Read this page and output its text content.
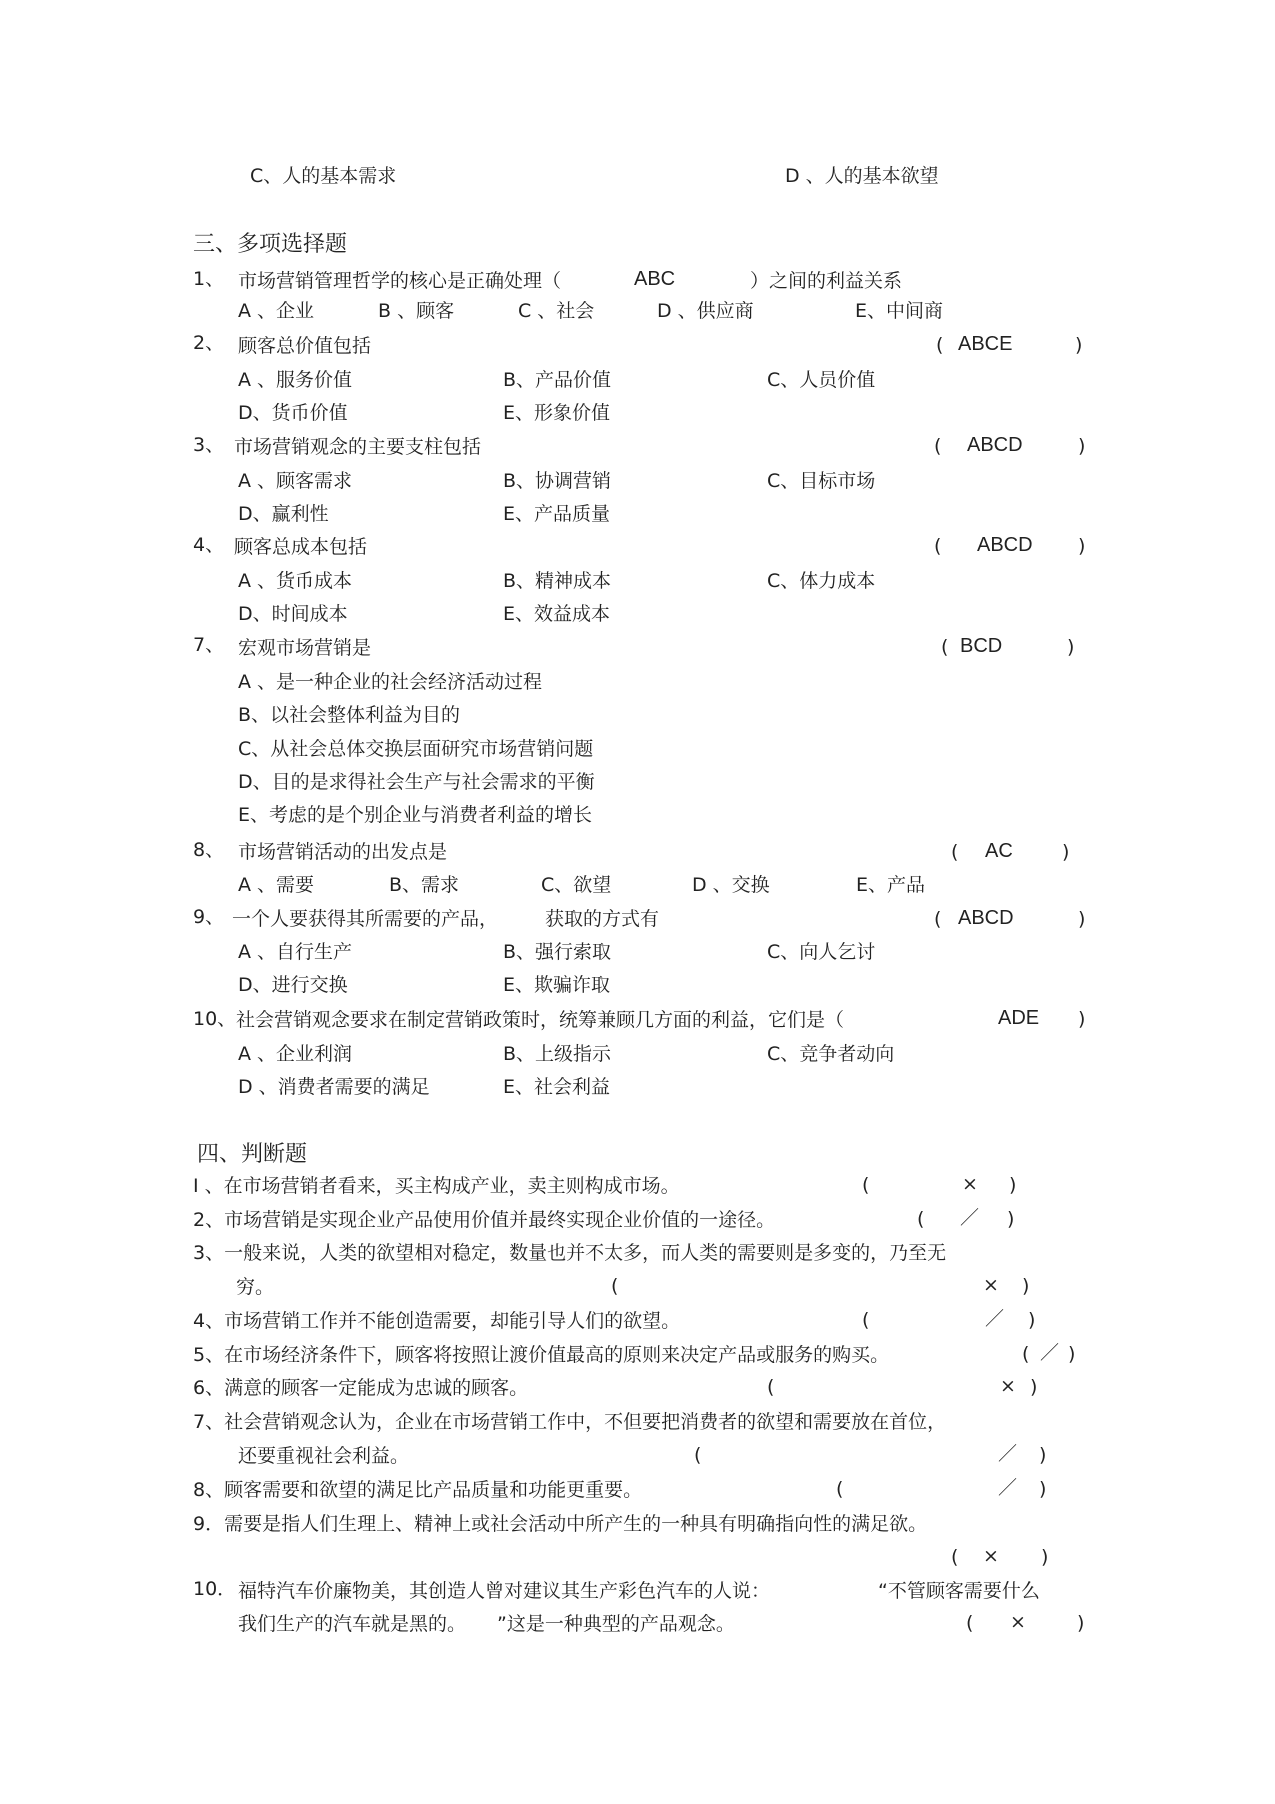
C、人的基本需求	D 、人的基本欲望
三、多项选择题
1、 市场营销管理哲学的核心是正确处理（	ABC	）之间的利益关系
A 、企业	B 、顾客	C 、社会	D 、供应商	E、中间商
2、 顾客总价值包括	( ABCE	)
A 、服务价值	B、产品价值	C、人员价值
D、货币价值	E、形象价值
3、 市场营销观念的主要支柱包括	( ABCD	)
A 、顾客需求	B、协调营销	C、目标市场
D、赢利性	E、产品质量
4、 顾客总成本包括	( ABCD )
A 、货币成本	B、精神成本	C、体力成本
D、时间成本	E、效益成本
7、 宏观市场营销是	( BCD	)
A 、是一种企业的社会经济活动过程
B、以社会整体利益为目的
C、从社会总体交换层面研究市场营销问题
D、目的是求得社会生产与社会需求的平衡
E、考虑的是个别企业与消费者利益的增长
8、 市场营销活动的出发点是	( AC	)
A 、需要	B、需求	C、欲望	D 、交换	E、产品
9、 一个人要获得其所需要的产品， 获取的方式有	( ABCD	)
A 、自行生产	B、强行索取	C、向人乞讨
D、进行交换	E、欺骗诈取
10、 社会营销观念要求在制定营销政策时，统筹兼顾几方面的利益，它们是（	ADE )
A 、企业利润	B、上级指示	C、竞争者动向
D 、消费者需要的满足	E、社会利益
四、判断题
I 、在市场营销者看来，买主构成产业，卖主则构成市场。	(	× )
2、市场营销是实现企业产品使用价值并最终实现企业价值的一途径。	( ／ )
3、一般来说，人类的欲望相对稳定，数量也并不太多，而人类的需要则是多变的，乃至无
穷。	(	× )
4、市场营销工作并不能创造需要，却能引导人们的欲望。	(	／ )
5、在市场经济条件下，顾客将按照让渡价值最高的原则来决定产品或服务的购买。	( ／ )
6、满意的顾客一定能成为忠诚的顾客。	(	× )
7、社会营销观念认为，企业在市场营销工作中，不但要把消费者的欲望和需要放在首位，
还要重视社会利益。	(	／ )
8、顾客需要和欲望的满足比产品质量和功能更重要。	(	／ )
9．需要是指人们生理上、精神上或社会活动中所产生的一种具有明确指向性的满足欲。
( × )
10． 福特汽车价廉物美，其创造人曾对建议其生产彩色汽车的人说：	“不管顾客需要什么
我们生产的汽车就是黑的。 ”这是一种典型的产品观念。	( ×	)
